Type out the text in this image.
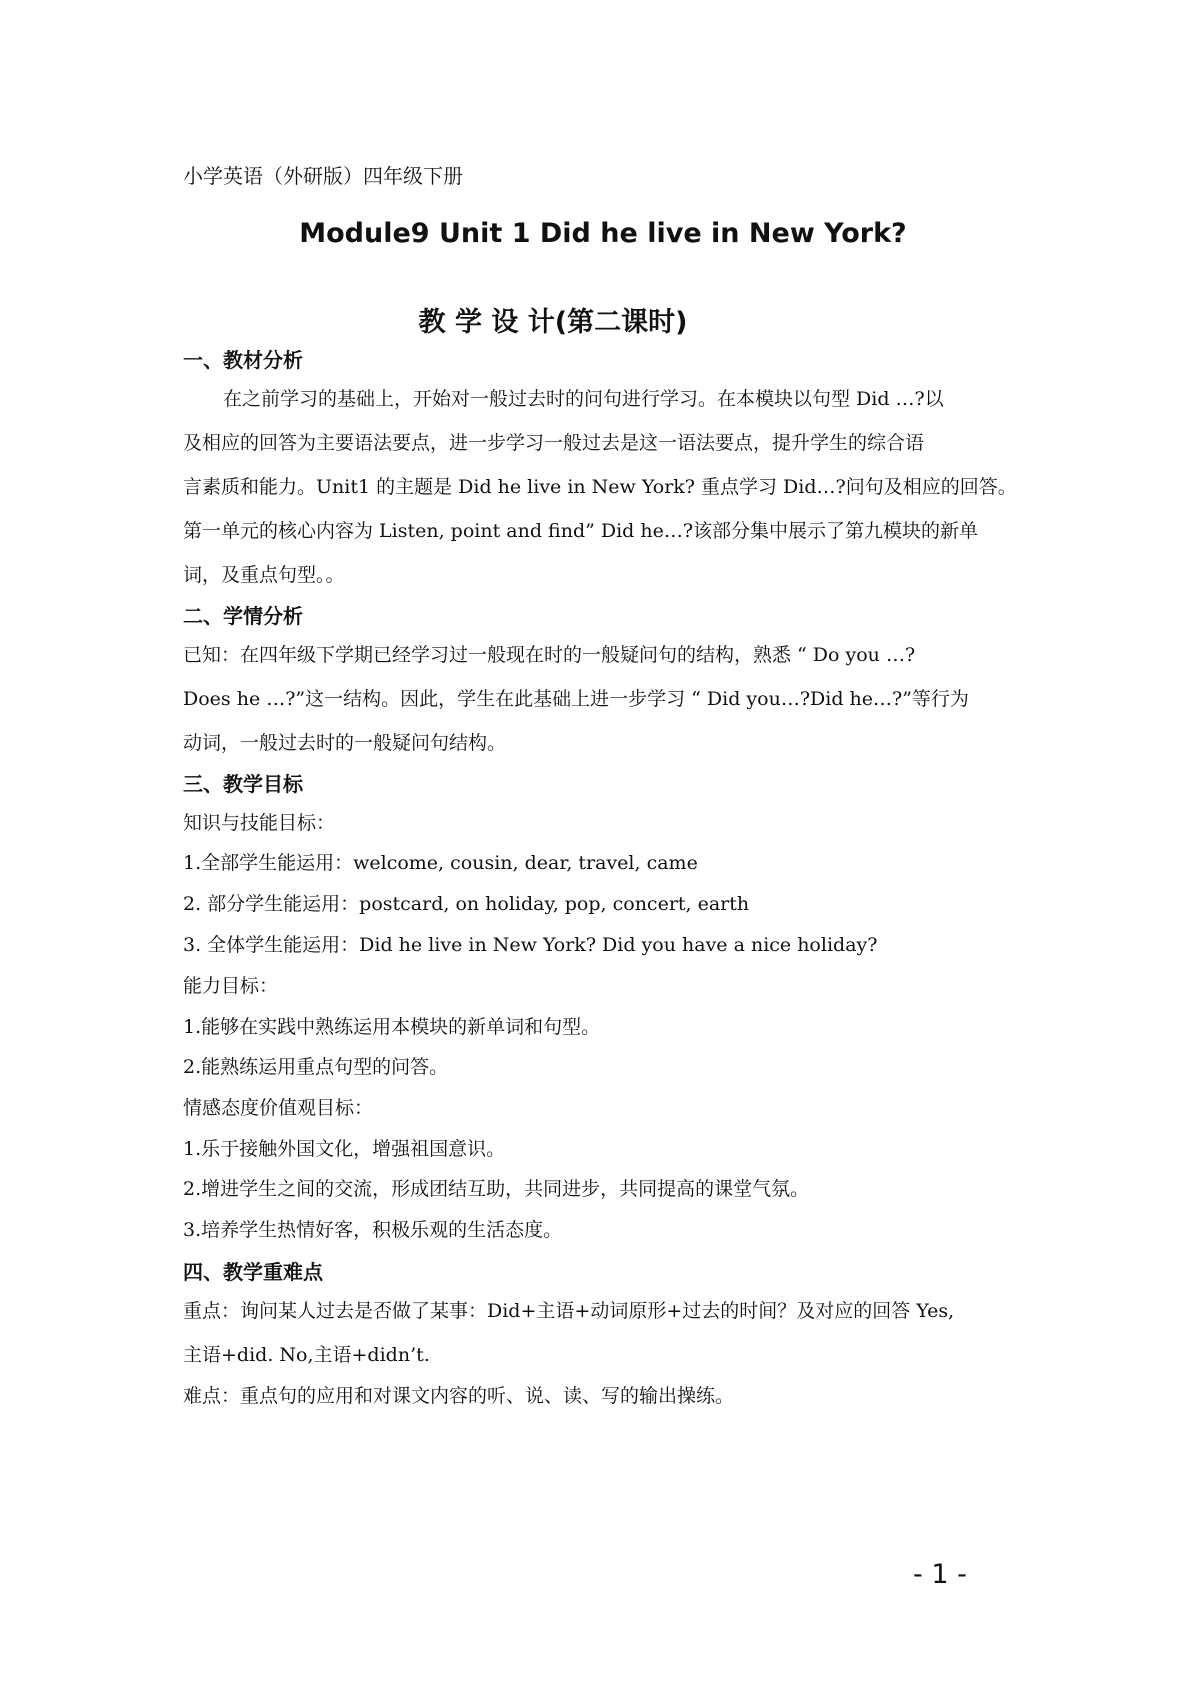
小学英语（外研版）四年级下册
Module9 Unit 1 Did he live in New York?
教 学 设 计(第二课时)
一、教材分析
在之前学习的基础上，开始对一般过去时的问句进行学习。在本模块以句型 Did …?以
及相应的回答为主要语法要点，进一步学习一般过去是这一语法要点，提升学生的综合语
言素质和能力。Unit1 的主题是 Did he live in New York? 重点学习 Did…?问句及相应的回答。
第一单元的核心内容为 Listen, point and find” Did he…?该部分集中展示了第九模块的新单
词，及重点句型。。
二、学情分析
已知：在四年级下学期已经学习过一般现在时的一般疑问句的结构，熟悉 “ Do you …?
Does he …?”这一结构。因此，学生在此基础上进一步学习 “ Did you…?Did he…?”等行为
动词，一般过去时的一般疑问句结构。
三、教学目标
知识与技能目标：
1.全部学生能运用：welcome, cousin, dear, travel, came
2. 部分学生能运用：postcard, on holiday, pop, concert, earth
3. 全体学生能运用：Did he live in New York? Did you have a nice holiday?
能力目标：
1.能够在实践中熟练运用本模块的新单词和句型。
2.能熟练运用重点句型的问答。
情感态度价值观目标：
1.乐于接触外国文化，增强祖国意识。
2.增进学生之间的交流，形成团结互助，共同进步，共同提高的课堂气氛。
3.培养学生热情好客，积极乐观的生活态度。
四、教学重难点
重点：询问某人过去是否做了某事：Did+主语+动词原形+过去的时间？及对应的回答 Yes,
主语+did. No,主语+didn’t.
难点：重点句的应用和对课文内容的听、说、读、写的输出操练。
- 1 -
